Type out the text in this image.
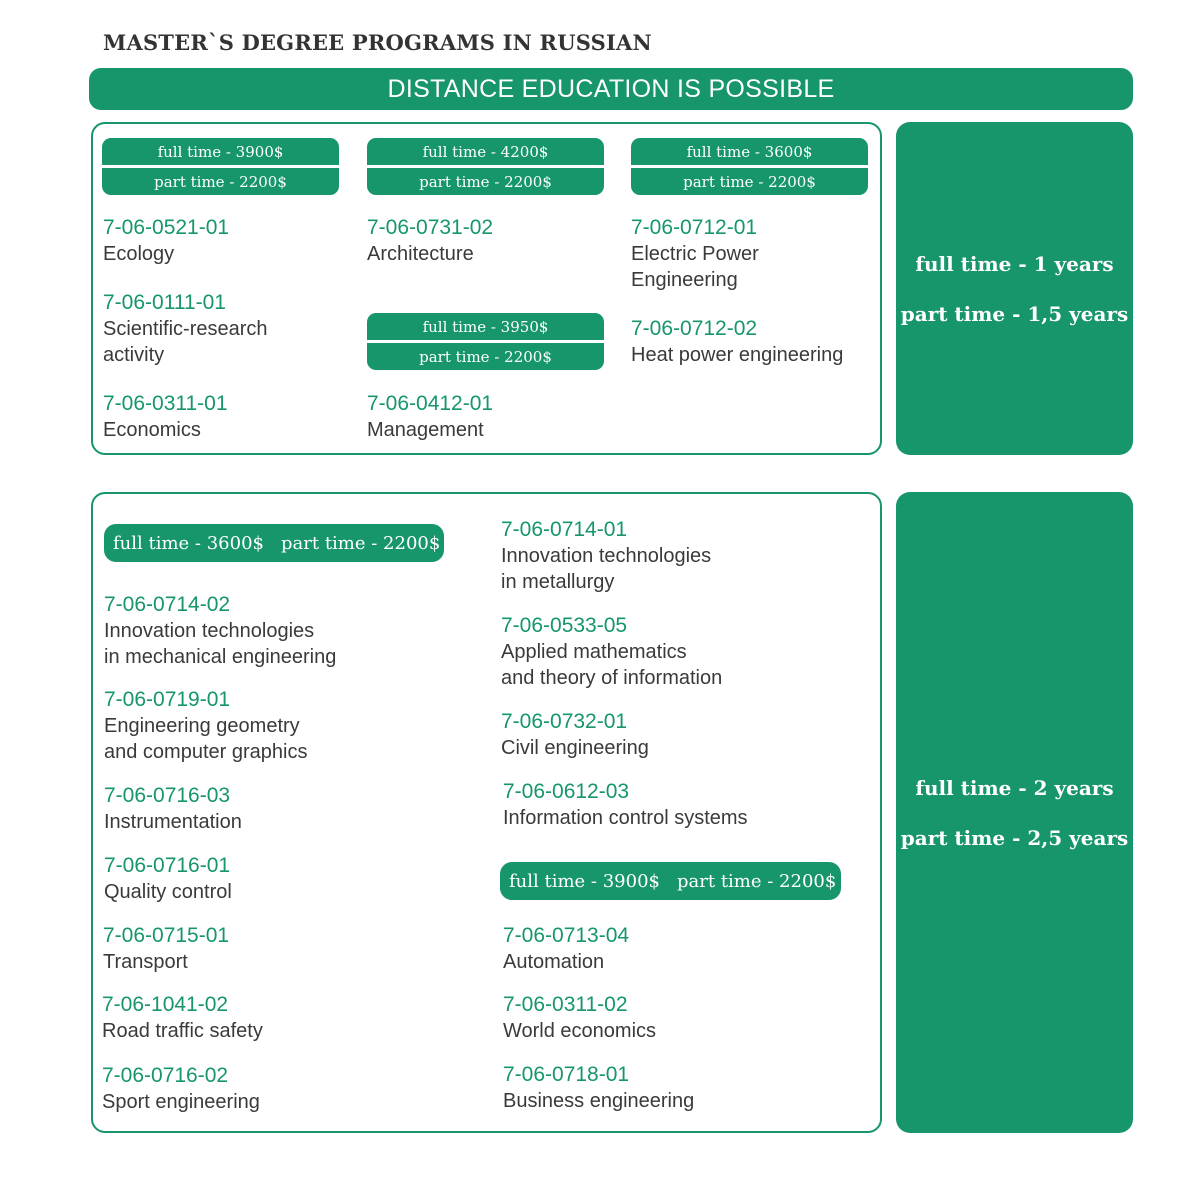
MASTER`S DEGREE PROGRAMS IN RUSSIAN
DISTANCE EDUCATION IS POSSIBLE
full time - 1 years
part time - 1,5 years
full time - 3900$
part time - 2200$
full time - 4200$
part time - 2200$
full time - 3600$
part time - 2200$
full time - 3950$
part time - 2200$
7-06-0521-01
Ecology
7-06-0111-01
Scientific-research
activity
7-06-0311-01
Economics
7-06-0731-02
Architecture
7-06-0412-01
Management
7-06-0712-01
Electric Power
Engineering
7-06-0712-02
Heat power engineering
full time - 2 years
part time - 2,5 years
full time - 3600$ part time - 2200$
full time - 3900$ part time - 2200$
7-06-0714-02
Innovation technologies
in mechanical engineering
7-06-0719-01
Engineering geometry
and computer graphics
7-06-0716-03
Instrumentation
7-06-0716-01
Quality control
7-06-0715-01
Transport
7-06-1041-02
Road traffic safety
7-06-0716-02
Sport engineering
7-06-0714-01
Innovation technologies
in metallurgy
7-06-0533-05
Applied mathematics
and theory of information
7-06-0732-01
Civil engineering
7-06-0612-03
Information control systems
7-06-0713-04
Automation
7-06-0311-02
World economics
7-06-0718-01
Business engineering
